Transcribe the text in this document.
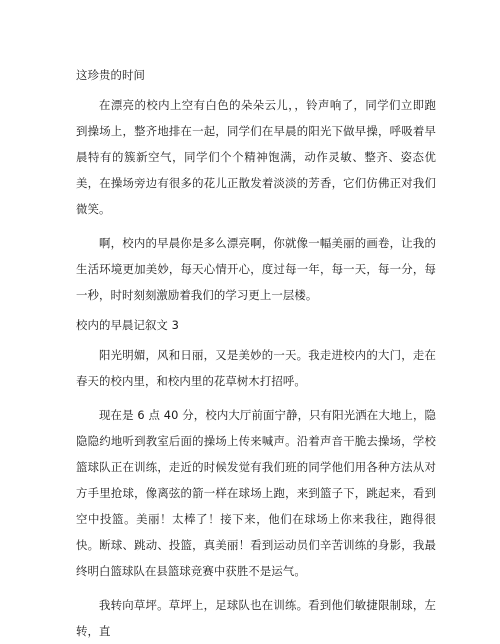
这珍贵的时间

在漂亮的校内上空有白色的朵朵云儿，，铃声响了，同学们立即跑到操场上，整齐地排在一起，同学们在早晨的阳光下做早操，呼吸着早晨特有的簇新空气，同学们个个精神饱满，动作灵敏、整齐、姿态优美，在操场旁边有很多的花儿正散发着淡淡的芳香，它们仿佛正对我们微笑。

啊，校内的早晨你是多么漂亮啊，你就像一幅美丽的画卷，让我的生活环境更加美妙，每天心情开心，度过每一年，每一天，每一分，每一秒，时时刻刻激励着我们的学习更上一层楼。

校内的早晨记叙文 3

阳光明媚，风和日丽，又是美妙的一天。我走进校内的大门，走在春天的校内里，和校内里的花草树木打招呼。

现在是 6 点 40 分，校内大厅前面宁静，只有阳光洒在大地上，隐隐隐约地听到教室后面的操场上传来喊声。沿着声音干脆去操场，学校篮球队正在训练，走近的时候发觉有我们班的同学他们用各种方法从对方手里抢球，像离弦的箭一样在球场上跑，来到篮子下，跳起来，看到空中投篮。美丽！太棒了！接下来，他们在球场上你来我往，跑得很快。断球、跳动、投篮，真美丽！看到运动员们辛苦训练的身影，我最终明白篮球队在县篮球竞赛中获胜不是运气。

我转向草坪。草坪上，足球队也在训练。看到他们敏捷限制球，左转，直
